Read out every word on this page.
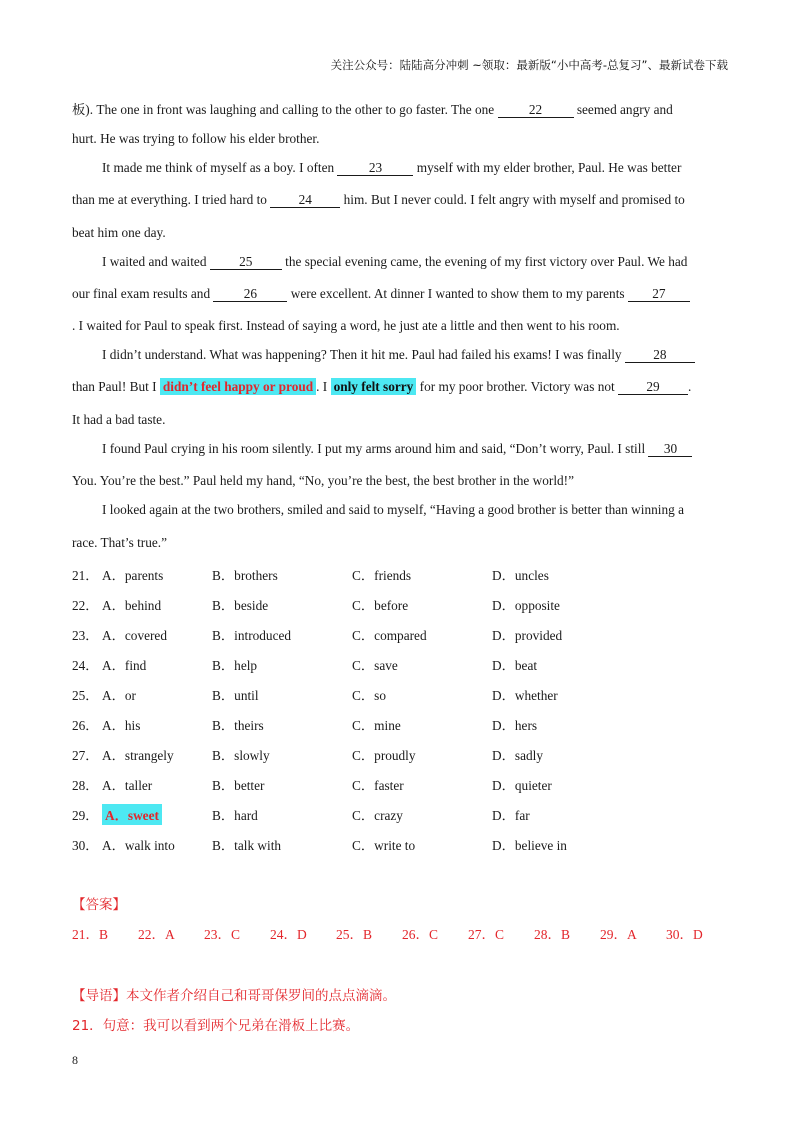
关注公众号：陆陆高分冲刺 ~领取：最新版“小中高考-总复习”、最新试卷下载
板). The one in front was laughing and calling to the other to go faster. The one 22 seemed angry and
hurt. He was trying to follow his elder brother.
It made me think of myself as a boy. I often 23 myself with my elder brother, Paul. He was better
than me at everything. I tried hard to 24 him. But I never could. I felt angry with myself and promised to
beat him one day.
I waited and waited 25 the special evening came, the evening of my first victory over Paul. We had
our final exam results and 26 were excellent. At dinner I wanted to show them to my parents 27
. I waited for Paul to speak first. Instead of saying a word, he just ate a little and then went to his room.
I didn’t understand. What was happening? Then it hit me. Paul had failed his exams! I was finally 28
than Paul! But I didn’t feel happy or proud . I only felt sorry for my poor brother. Victory was not 29 .
It had a bad taste.
I found Paul crying in his room silently. I put my arms around him and said, “Don’t worry, Paul. I still 30
You. You’re the best.” Paul held my hand, “No, you’re the best, the best brother in the world!”
I looked again at the two brothers, smiled and said to myself, “Having a good brother is better than winning a
race. That’s true.”
21． A．parents	B．brothers	C．friends	D．uncles
22． A．behind	B．beside	C．before	D．opposite
23． A．covered	B．introduced	C．compared	D．provided
24． A．find	B．help	C．save	D．beat
25． A．or	B．until	C．so	D．whether
26． A．his	B．theirs	C．mine	D．hers
27． A．strangely	B．slowly	C．proudly	D．sadly
28． A．taller	B．better	C．faster	D．quieter
29． A．sweet	B．hard	C．crazy	D．far
30． A．walk into	B．talk with	C．write to	D．believe in
【答案】
21．B 22．A 23．C 24．D 25．B 26．C 27．C 28．B 29．A 30．D
【导语】本文作者介绍自己和哥哥保罗间的点点滴滴。
21．句意：我可以看到两个兄弟在滑板上比赛。
8
